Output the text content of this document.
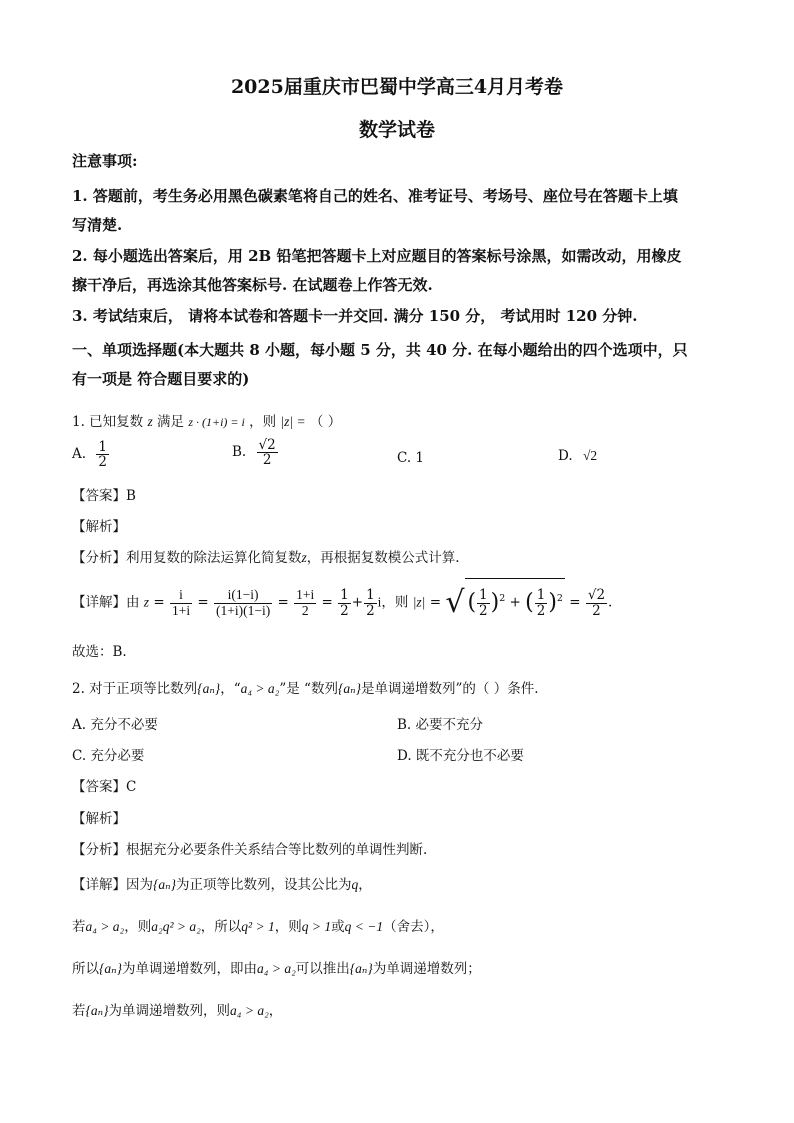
2025届重庆市巴蜀中学高三4月月考卷
数学试卷
注意事项:
1. 答题前，考生务必用黑色碳素笔将自己的姓名、准考证号、考场号、座位号在答题卡上填
写清楚.
2. 每小题选出答案后，用 2B 铅笔把答题卡上对应题目的答案标号涂黑，如需改动，用橡皮
擦干净后，再选涂其他答案标号. 在试题卷上作答无效.
3. 考试结束后， 请将本试卷和答题卡一并交回. 满分 150 分， 考试用时 120 分钟.
一、单项选择题(本大题共 8 小题，每小题 5 分，共 40 分. 在每小题给出的四个选项中，只
有一项是 符合题目要求的)
1. 已知复数 z 满足 z · (1+i) = i ，则 |z| = （ ）
A. $\frac{1}{2}$	B. $\frac{√2}{2}$	C. 1	D. √2
【答案】B
【解析】
【分析】利用复数的除法运算化简复数z，再根据复数模公式计算.
【详解】由 $z = \frac{i}{1+i} = \frac{i(1-i)}{(1+i)(1-i)} = \frac{1+i}{2} = \frac{1}{2} + \frac{1}{2}$ i，则 |z| = √ ( $\frac{1}{2} )^2$ + ( $\frac{1}{2} )^2 = \frac{√2}{2}$ .
故选：B.
2. 对于正项等比数列{aₙ}，“a₄ > a₂”是 “数列{aₙ}是单调递增数列”的（ ）条件.
A. 充分不必要	B. 必要不充分
C. 充分必要	D. 既不充分也不必要
【答案】C
【解析】
【分析】根据充分必要条件关系结合等比数列的单调性判断.
【详解】因为{aₙ}为正项等比数列，设其公比为q，
若a₄ > a₂，则a₂q² > a₂，所以q² > 1，则q > 1或q < −1（舍去），
所以{aₙ}为单调递增数列，即由a₄ > a₂可以推出{aₙ}为单调递增数列；
若{aₙ}为单调递增数列，则a₄ > a₂，
